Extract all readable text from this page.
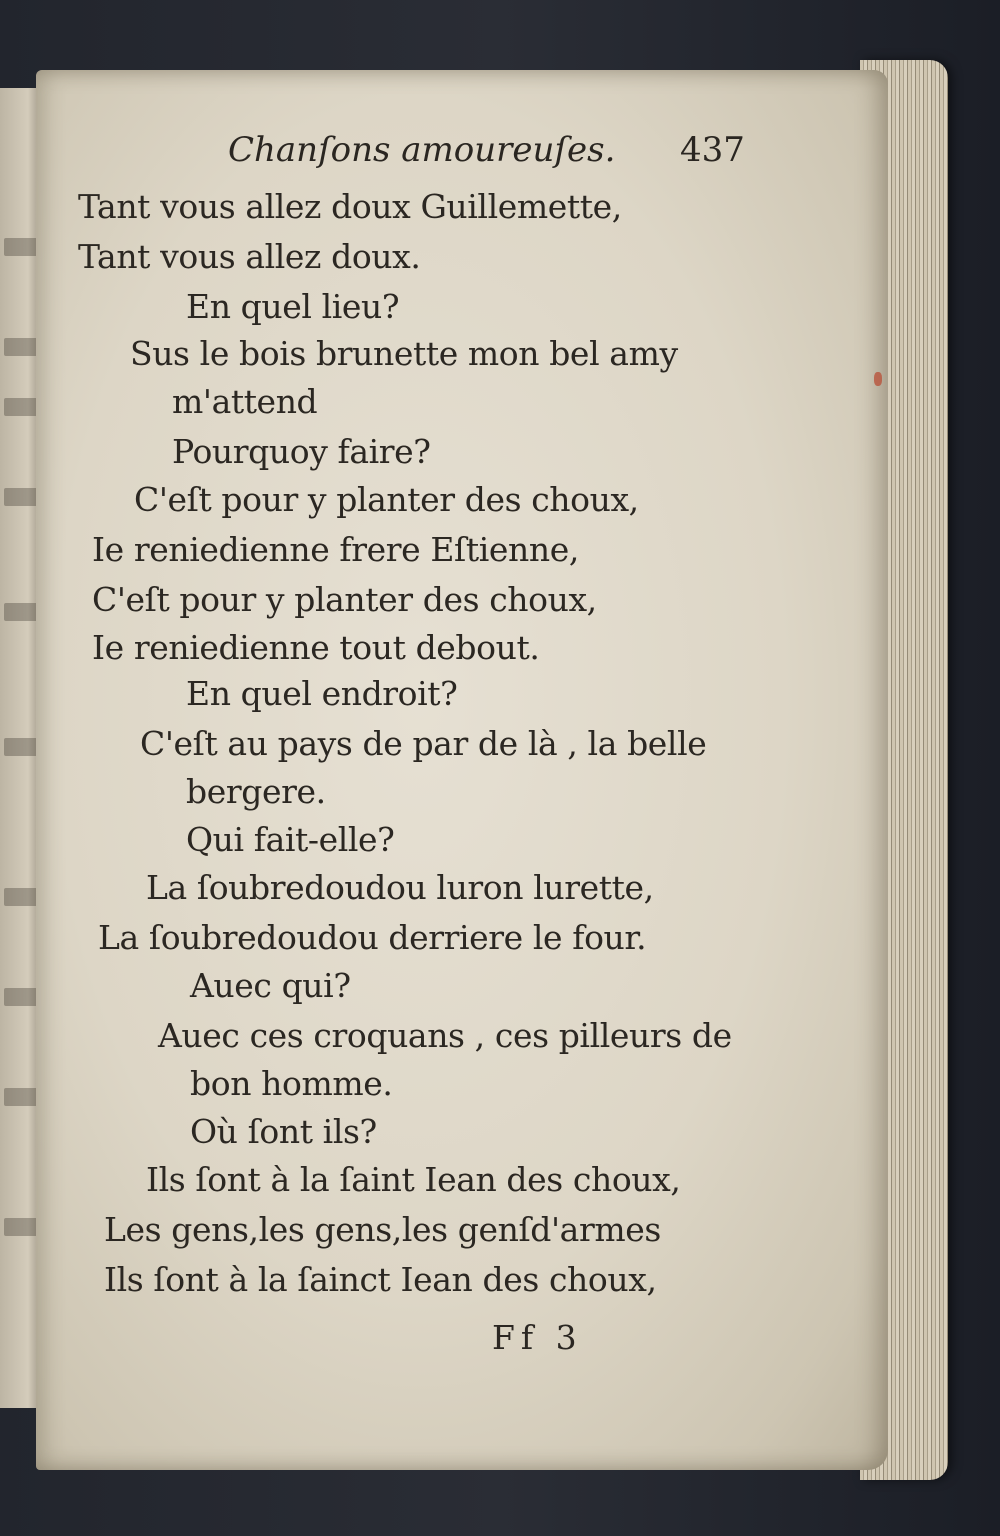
Chanſons amoureuſes. 437
Tant vous allez doux Guillemette,
Tant vous allez doux.
En quel lieu?
Sus le bois brunette mon bel amy
m'attend
Pourquoy faire?
C'eſt pour y planter des choux,
Ie reniedienne frere Eſtienne,
C'eſt pour y planter des choux,
Ie reniedienne tout debout.
En quel endroit?
C'eſt au pays de par de là , la belle
bergere.
Qui fait-elle?
La ſoubredoudou luron lurette,
La ſoubredoudou derriere le four.
Auec qui?
Auec ces croquans , ces pilleurs de
bon homme.
Où ſont ils?
Ils ſont à la ſaint Iean des choux,
Les gens,les gens,les genſd'armes
Ils ſont à la ſainct Iean des choux,
Ff 3
